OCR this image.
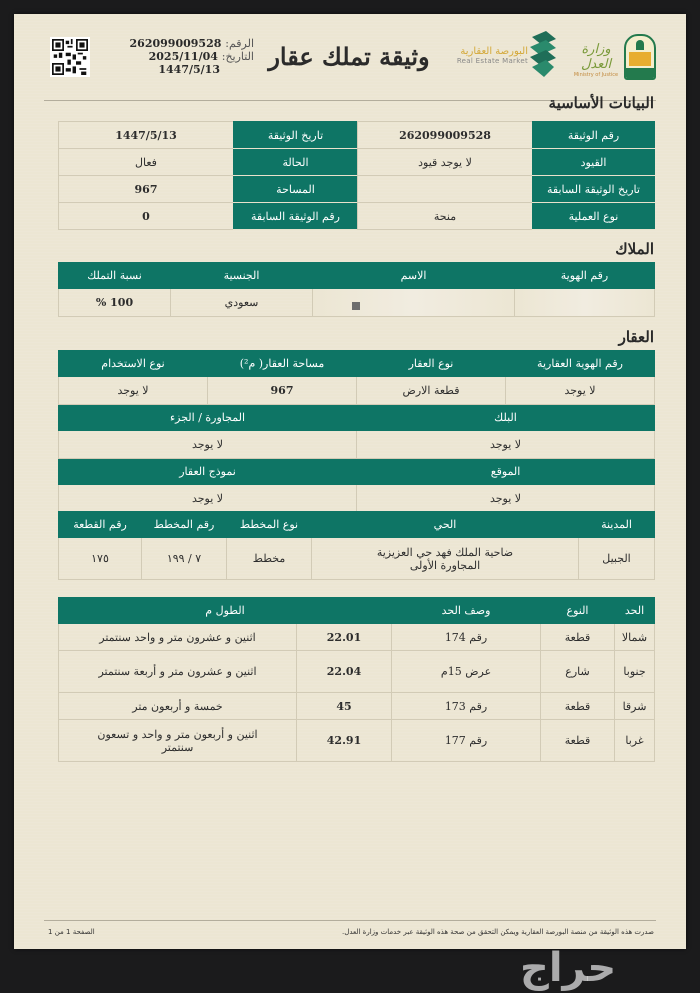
الرقم: 262099009528
التاريخ: 2025/11/04
1447/5/13	وثيقة تملك عقار	البورصة العقارية
Real Estate Market
وزارة العدل
Ministry of Justice
البيانات الأساسية
رقم الوثيقة	262099009528	تاريخ الوثيقة	1447/5/13
القيود	لا يوجد قيود	الحالة	فعال
تاريخ الوثيقة السابقة		المساحة	967
نوع العملية	منحة	رقم الوثيقة السابقة	0
الملاك
رقم الهوية	الاسم	الجنسية	نسبة التملك
		سعودي	100 %
العقار
رقم الهوية العقارية	نوع العقار	مساحة العقار( م²)	نوع الاستخدام
لا يوجد	قطعة الارض	967	لا يوجد
البلك		المجاورة / الجزء	
لا يوجد		لا يوجد	
الموقع		نموذج العقار	
لا يوجد		لا يوجد	
المدينة	الحي	نوع المخطط	رقم المخطط	رقم القطعة
الجبيل	ضاحية الملك فهد حي العزيزية المجاورة الأولى	مخطط	٧ / ١٩٩	١٧٥
الحد	النوع	وصف الحد	الطول م	
شمالا	قطعة	رقم 174	22.01	اثنين و عشرون متر و واحد سنتمتر
جنوبا	شارع	عرض 15م	22.04	اثنين و عشرون متر و أربعة سنتمتر
شرقا	قطعة	رقم 173	45	خمسة و أربعون متر
غربا	قطعة	رقم 177	42.91	اثنين و أربعون متر و واحد و تسعون سنتمتر
صدرت هذه الوثيقة من منصة البورصة العقارية ويمكن التحقق من صحة هذه الوثيقة عبر خدمات وزارة العدل.
الصفحة 1 من 1
حراج
